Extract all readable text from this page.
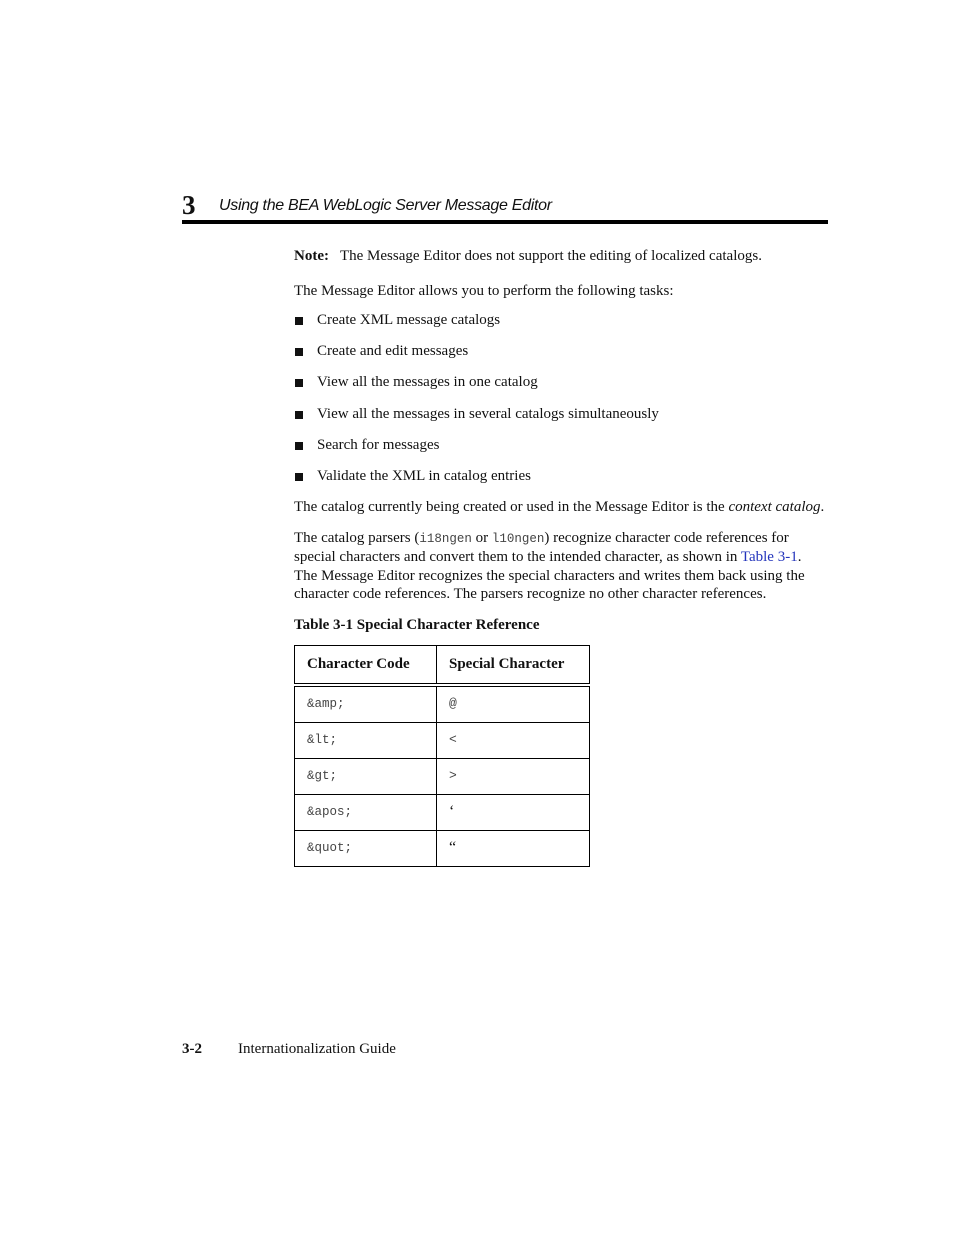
3 Using the BEA WebLogic Server Message Editor

Note: The Message Editor does not support the editing of localized catalogs.

The Message Editor allows you to perform the following tasks:

Create XML message catalogs
Create and edit messages
View all the messages in one catalog
View all the messages in several catalogs simultaneously
Search for messages
Validate the XML in catalog entries

The catalog currently being created or used in the Message Editor is the context catalog.

The catalog parsers (i18ngen or l10ngen) recognize character code references for special characters and convert them to the intended character, as shown in Table 3-1. The Message Editor recognizes the special characters and writes them back using the character code references. The parsers recognize no other character references.

Table 3-1 Special Character Reference

Character Code	Special Character
&amp;	@
&lt;	<
&gt;	>
&apos;	‘
&quot;	“
3-2 Internationalization Guide
